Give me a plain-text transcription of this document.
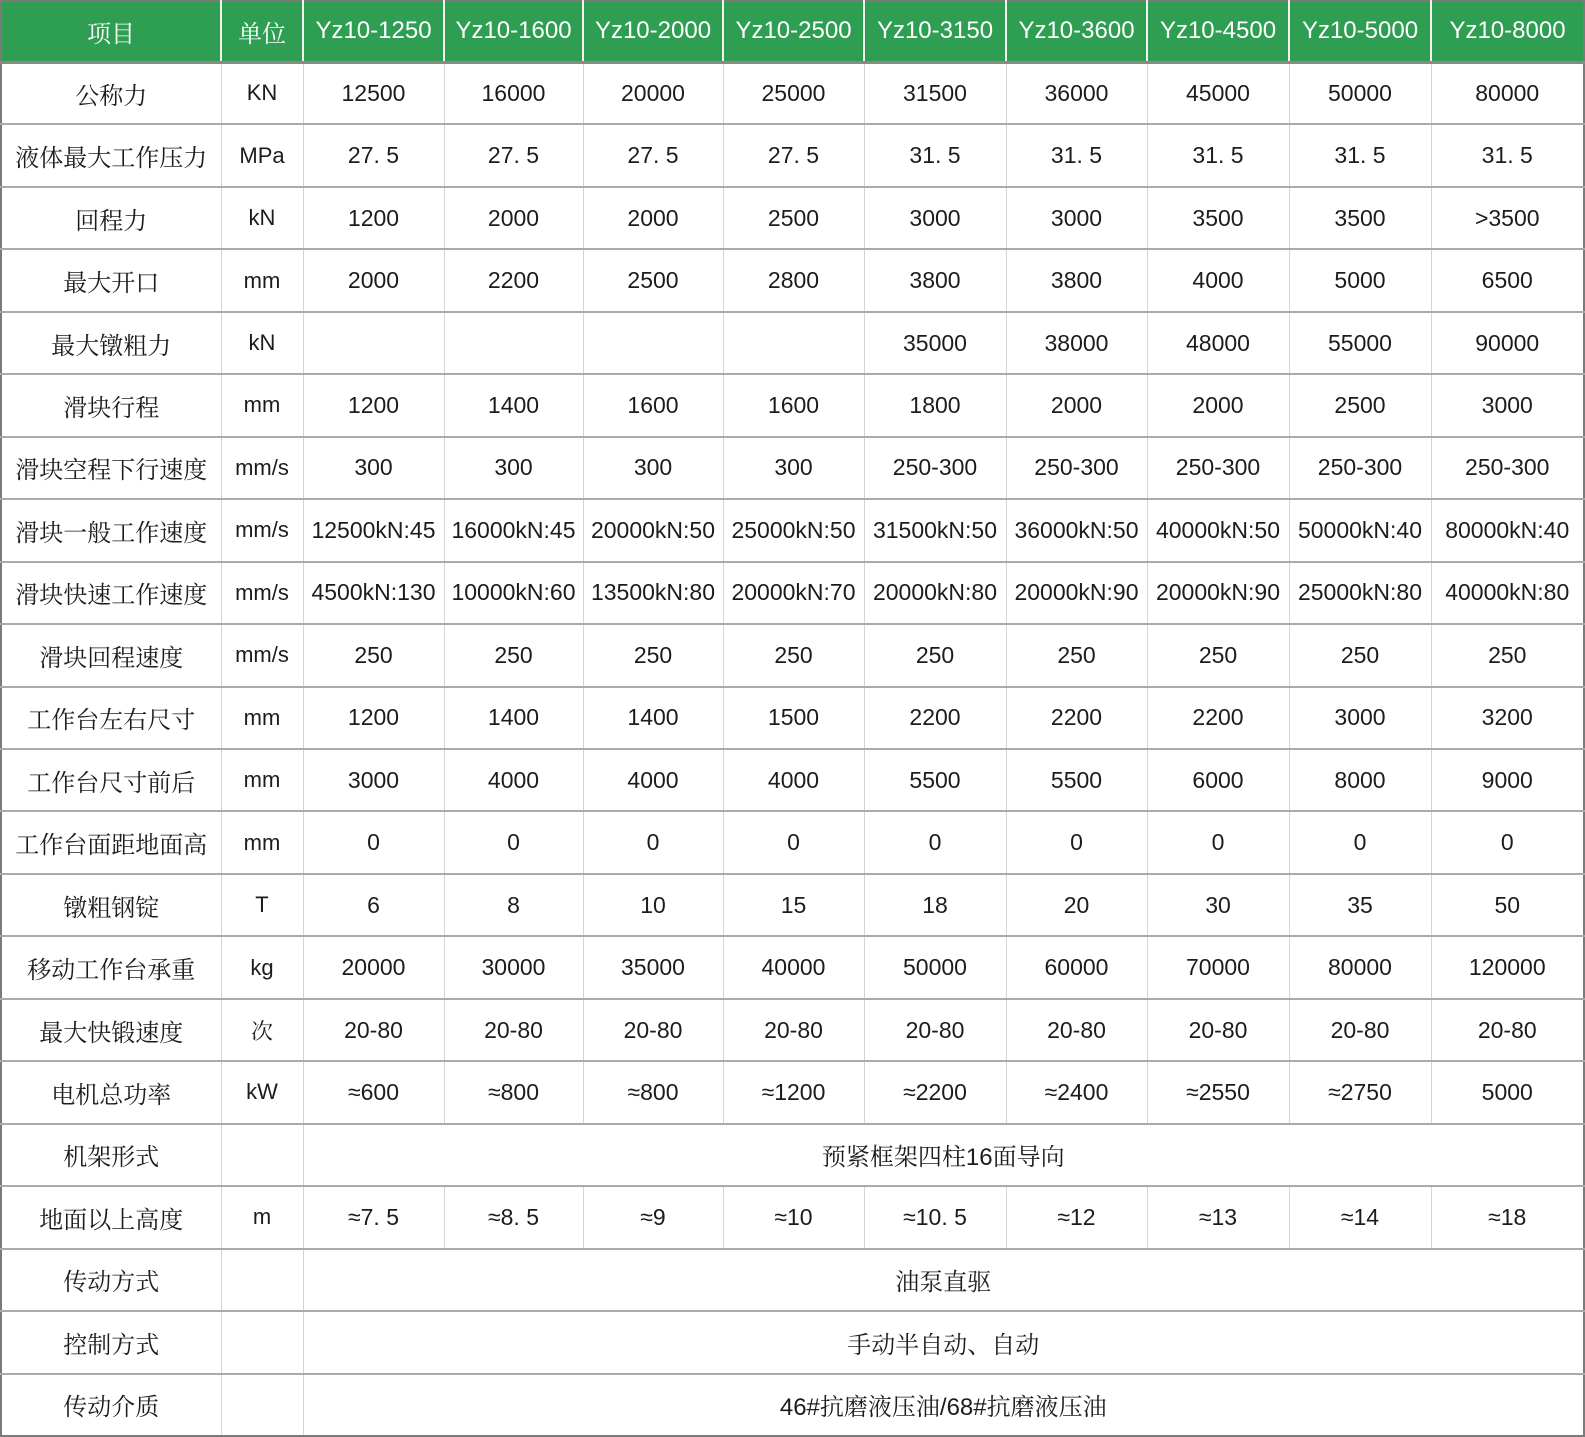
项目	单位	Yz10-1250	Yz10-1600	Yz10-2000	Yz10-2500	Yz10-3150	Yz10-3600	Yz10-4500	Yz10-5000	Yz10-8000
公称力	KN	12500	16000	20000	25000	31500	36000	45000	50000	80000
液体最大工作压力	MPa	27. 5	27. 5	27. 5	27. 5	31. 5	31. 5	31. 5	31. 5	31. 5
回程力	kN	1200	2000	2000	2500	3000	3000	3500	3500	>3500
最大开口	mm	2000	2200	2500	2800	3800	3800	4000	5000	6500
最大镦粗力	kN					35000	38000	48000	55000	90000
滑块行程	mm	1200	1400	1600	1600	1800	2000	2000	2500	3000
滑块空程下行速度	mm/s	300	300	300	300	250-300	250-300	250-300	250-300	250-300
滑块一般工作速度	mm/s	12500kN:45	16000kN:45	20000kN:50	25000kN:50	31500kN:50	36000kN:50	40000kN:50	50000kN:40	80000kN:40
滑块快速工作速度	mm/s	4500kN:130	10000kN:60	13500kN:80	20000kN:70	20000kN:80	20000kN:90	20000kN:90	25000kN:80	40000kN:80
滑块回程速度	mm/s	250	250	250	250	250	250	250	250	250
工作台左右尺寸	mm	1200	1400	1400	1500	2200	2200	2200	3000	3200
工作台尺寸前后	mm	3000	4000	4000	4000	5500	5500	6000	8000	9000
工作台面距地面高	mm	0	0	0	0	0	0	0	0	0
镦粗钢锭	T	6	8	10	15	18	20	30	35	50
移动工作台承重	kg	20000	30000	35000	40000	50000	60000	70000	80000	120000
最大快锻速度	次	20-80	20-80	20-80	20-80	20-80	20-80	20-80	20-80	20-80
电机总功率	kW	≈600	≈800	≈800	≈1200	≈2200	≈2400	≈2550	≈2750	5000
机架形式		预紧框架四柱16面导向								
地面以上高度	m	≈7. 5	≈8. 5	≈9	≈10	≈10. 5	≈12	≈13	≈14	≈18
传动方式		油泵直驱								
控制方式		手动半自动、自动								
传动介质		46#抗磨液压油/68#抗磨液压油								
